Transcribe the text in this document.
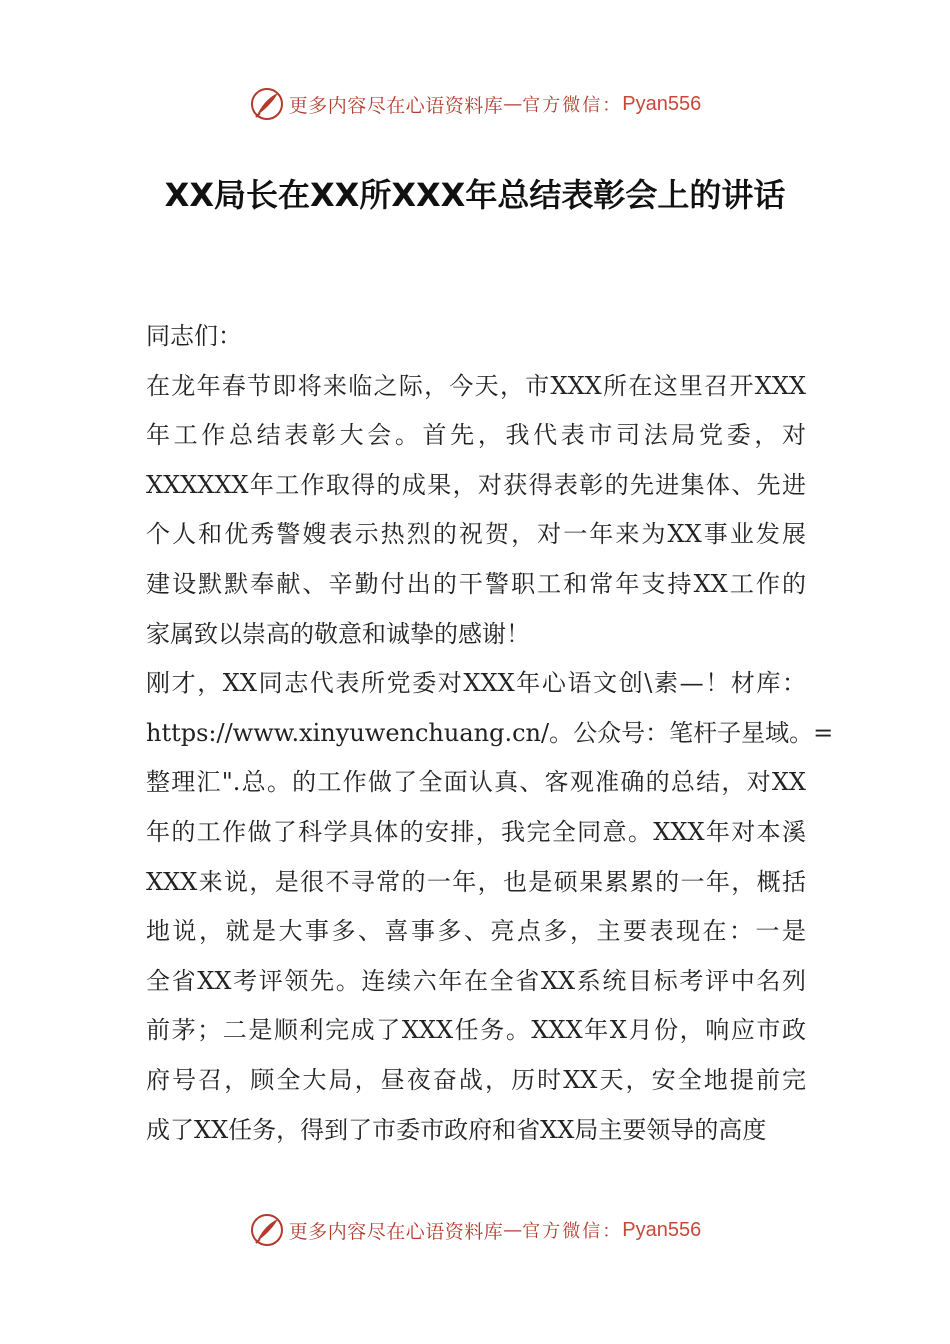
更多内容尽在心语资料库 — 官方微信： Pyan556
XX局长在XX所XXX年总结表彰会上的讲话
同志们：
在龙年春节即将来临之际，今天，市XXX所在这里召开XXX
年工作总结表彰大会。首先，我代表市司法局党委，对
XXXXXX年工作取得的成果，对获得表彰的先进集体、先进
个人和优秀警嫂表示热烈的祝贺，对一年来为XX事业发展
建设默默奉献、辛勤付出的干警职工和常年支持XX工作的
家属致以崇高的敬意和诚挚的感谢！
刚才，XX同志代表所党委对XXX年心语文创\素—！材库：
https://www.xinyuwenchuang.cn/。公众号：笔杆子星域。=
整理汇".总。的工作做了全面认真、客观准确的总结，对XX
年的工作做了科学具体的安排，我完全同意。XXX年对本溪
XXX来说，是很不寻常的一年，也是硕果累累的一年，概括
地说，就是大事多、喜事多、亮点多，主要表现在：一是
全省XX考评领先。连续六年在全省XX系统目标考评中名列
前茅；二是顺利完成了XXX任务。XXX年X月份，响应市政
府号召，顾全大局，昼夜奋战，历时XX天，安全地提前完
成了XX任务，得到了市委市政府和省XX局主要领导的高度
更多内容尽在心语资料库 — 官方微信： Pyan556
